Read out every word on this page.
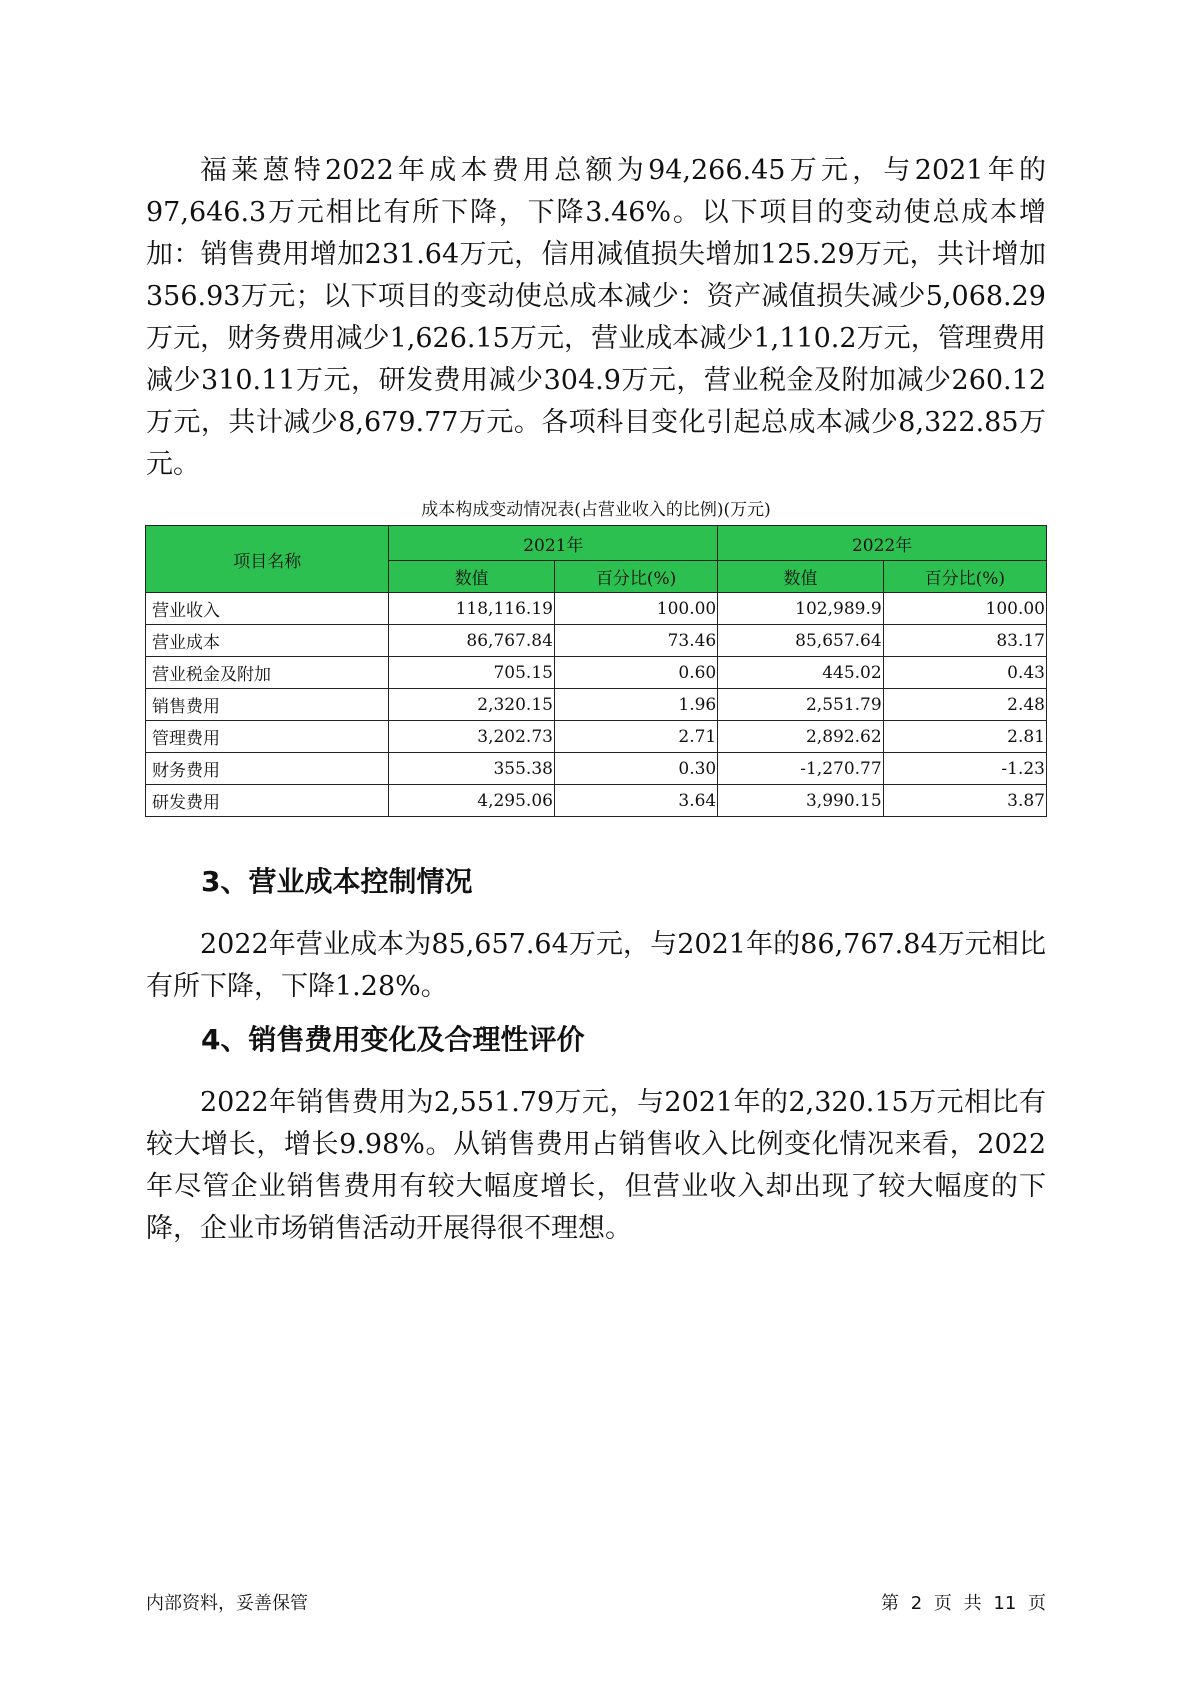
福莱蒽特2022年成本费用总额为94,266.45万元，与2021年的97,646.3万元相比有所下降，下降3.46%。以下项目的变动使总成本增加：销售费用增加231.64万元，信用减值损失增加125.29万元，共计增加356.93万元；以下项目的变动使总成本减少：资产减值损失减少5,068.29万元，财务费用减少1,626.15万元，营业成本减少1,110.2万元，管理费用减少310.11万元，研发费用减少304.9万元，营业税金及附加减少260.12万元，共计减少8,679.77万元。各项科目变化引起总成本减少8,322.85万元。

成本构成变动情况表(占营业收入的比例)(万元)
项目名称	2021年		2022年	
	数值	百分比(%)	数值	百分比(%)
营业收入	118,116.19	100.00	102,989.9	100.00
营业成本	86,767.84	73.46	85,657.64	83.17
营业税金及附加	705.15	0.60	445.02	0.43
销售费用	2,320.15	1.96	2,551.79	2.48
管理费用	3,202.73	2.71	2,892.62	2.81
财务费用	355.38	0.30	-1,270.77	-1.23
研发费用	4,295.06	3.64	3,990.15	3.87
3、营业成本控制情况

2022年营业成本为85,657.64万元，与2021年的86,767.84万元相比有所下降，下降1.28%。

4、销售费用变化及合理性评价

2022年销售费用为2,551.79万元，与2021年的2,320.15万元相比有较大增长，增长9.98%。从销售费用占销售收入比例变化情况来看，2022年尽管企业销售费用有较大幅度增长，但营业收入却出现了较大幅度的下降，企业市场销售活动开展得很不理想。

内部资料，妥善保管	第 2 页 共 11 页
